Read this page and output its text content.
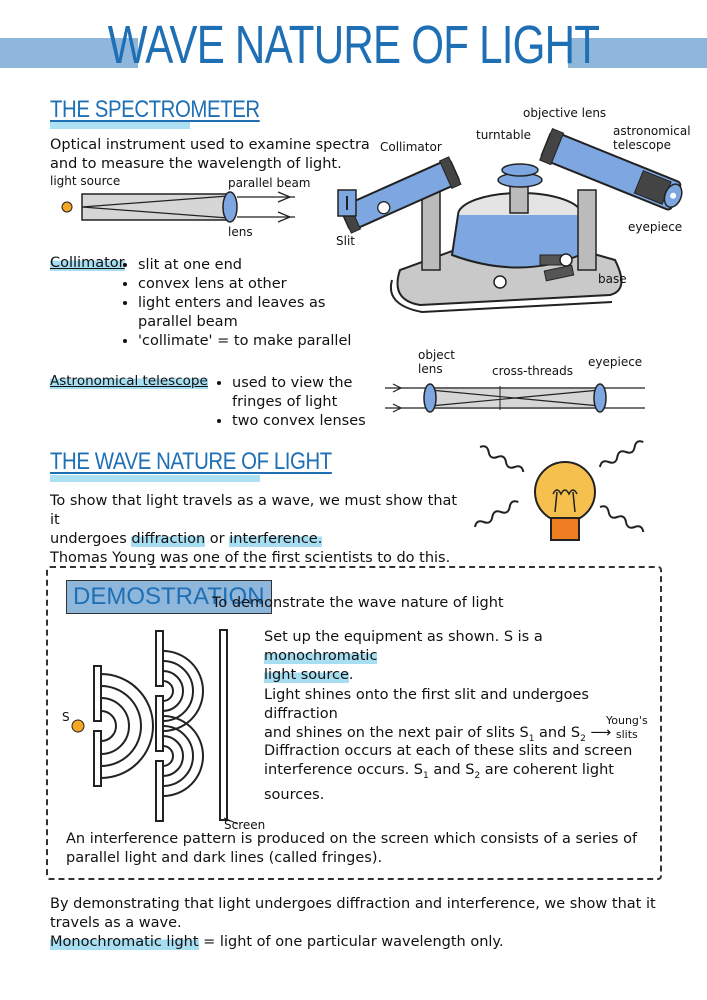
WAVE NATURE OF LIGHT
THE SPECTROMETER
Optical instrument used to examine spectra
and to measure the wavelength of light.
light source	parallel beam
lens
Collimator
turntable
objective lens
astronomical
telescope
eyepiece
Slit
base
Collimator • slit at one end
• convex lens at other
• light enters and leaves as parallel beam
• 'collimate' = to make parallel
Astronomical telescope • used to view the fringes of light
• two convex lenses
object
lens	cross-threads
eyepiece
THE WAVE NATURE OF LIGHT
To show that light travels as a wave, we must show that it
undergoes diffraction or interference.
Thomas Young was one of the first scientists to do this.
DEMOSTRATION
To demonstrate the wave nature of light
S
Screen
Set up the equipment as shown. S is a monochromatic
light source.
Light shines onto the first slit and undergoes diffraction
and shines on the next pair of slits $S_1$ and $S_2$ ⟶
Young's
slits
Diffraction occurs at each of these slits and screen
interference occurs. $S_1$ and $S_2$ are coherent light
sources.
An interference pattern is produced on the screen which consists of a series of
parallel light and dark lines (called fringes).
By demonstrating that light undergoes diffraction and interference, we show that it
travels as a wave.
Monochromatic light = light of one particular wavelength only.
